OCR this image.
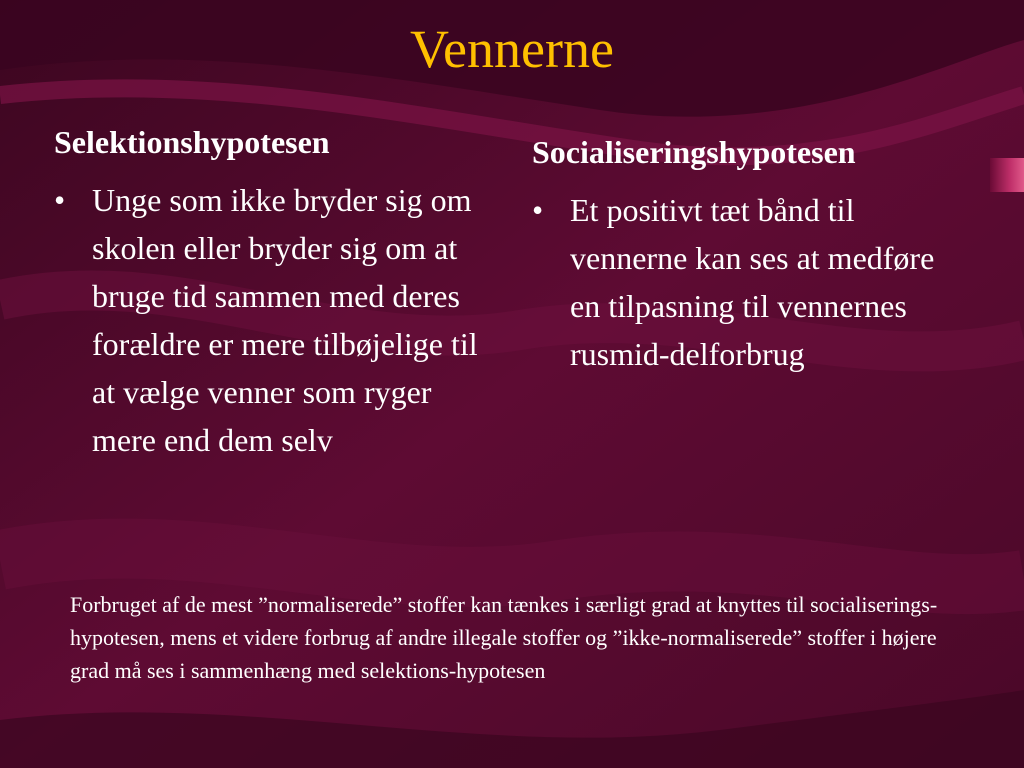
Vennerne
Selektionshypotesen
• Unge som ikke bryder sig om skolen eller bryder sig om at bruge tid sammen med deres forældre er mere tilbøjelige til at vælge venner som ryger mere end dem selv
Socialiseringshypotesen
• Et positivt tæt bånd til vennerne kan ses at medføre en tilpasning til vennernes rusmid-delforbrug
Forbruget af de mest ”normaliserede” stoffer kan tænkes i særligt grad at knyttes til socialiserings-hypotesen, mens et videre forbrug af andre illegale stoffer og ”ikke-normaliserede” stoffer i højere grad må ses i sammenhæng med selektions-hypotesen
